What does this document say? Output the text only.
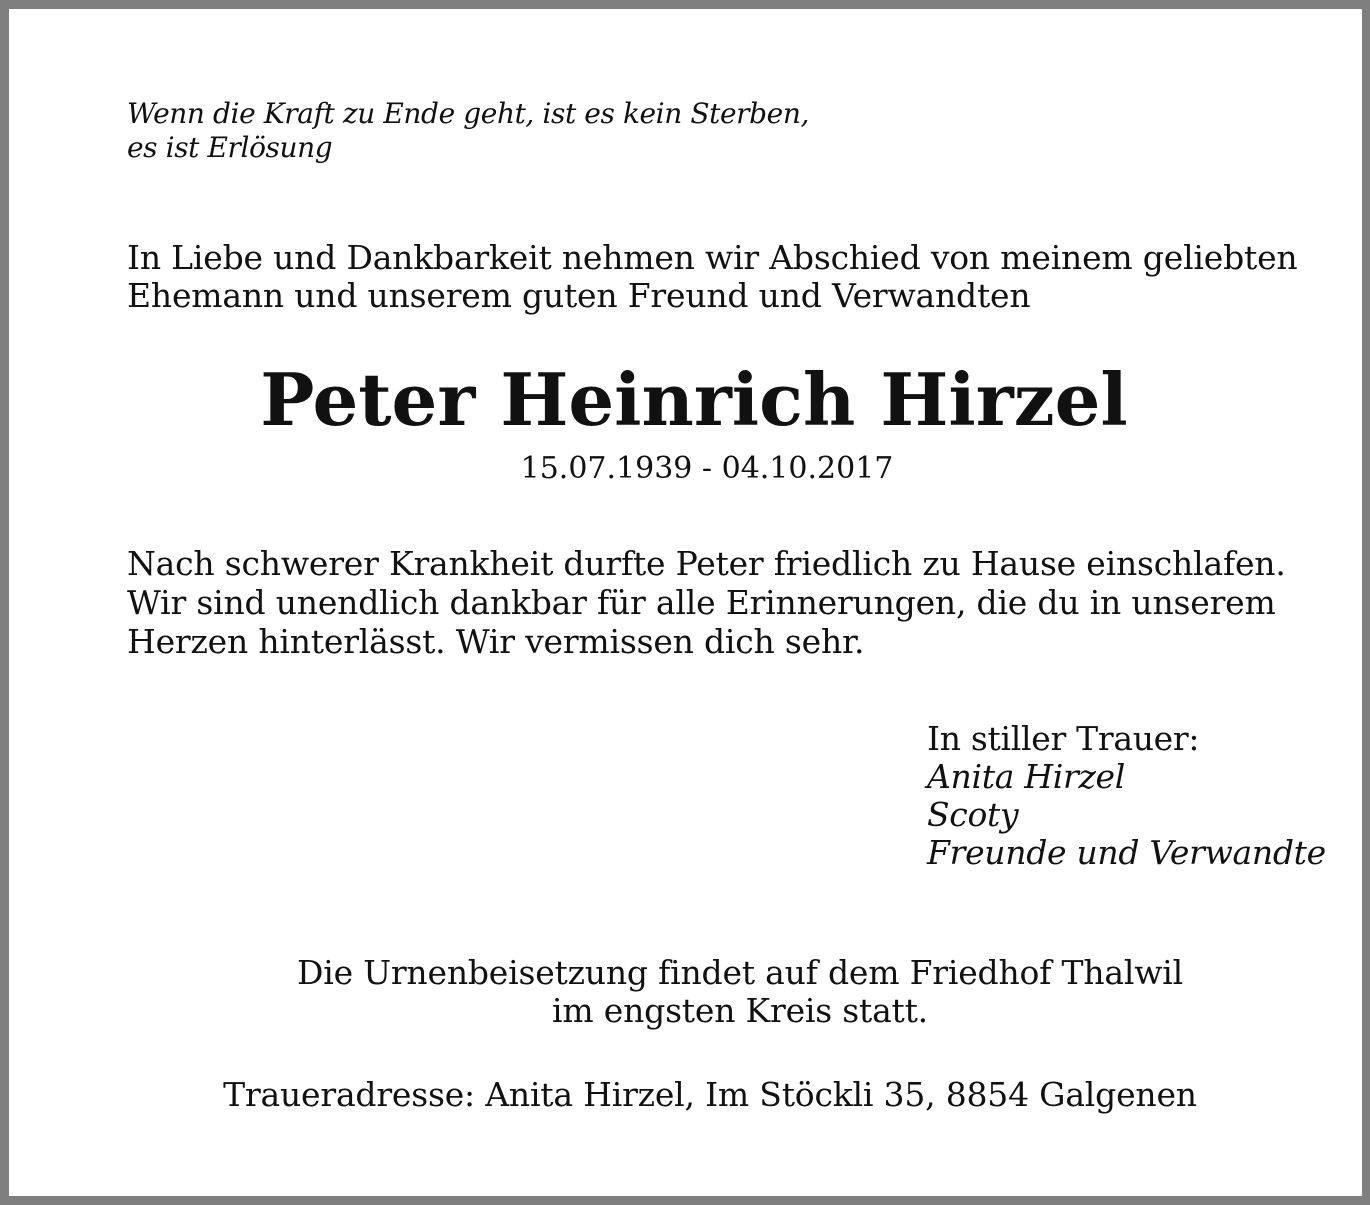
Wenn die Kraft zu Ende geht, ist es kein Sterben,
es ist Erlösung
In Liebe und Dankbarkeit nehmen wir Abschied von meinem geliebten
Ehemann und unserem guten Freund und Verwandten
Peter Heinrich Hirzel
15.07.1939 - 04.10.2017
Nach schwerer Krankheit durfte Peter friedlich zu Hause einschlafen.
Wir sind unendlich dankbar für alle Erinnerungen, die du in unserem
Herzen hinterlässt. Wir vermissen dich sehr.
In stiller Trauer:
Anita Hirzel
Scoty
Freunde und Verwandte
Die Urnenbeisetzung findet auf dem Friedhof Thalwil
im engsten Kreis statt.
Traueradresse: Anita Hirzel, Im Stöckli 35, 8854 Galgenen
